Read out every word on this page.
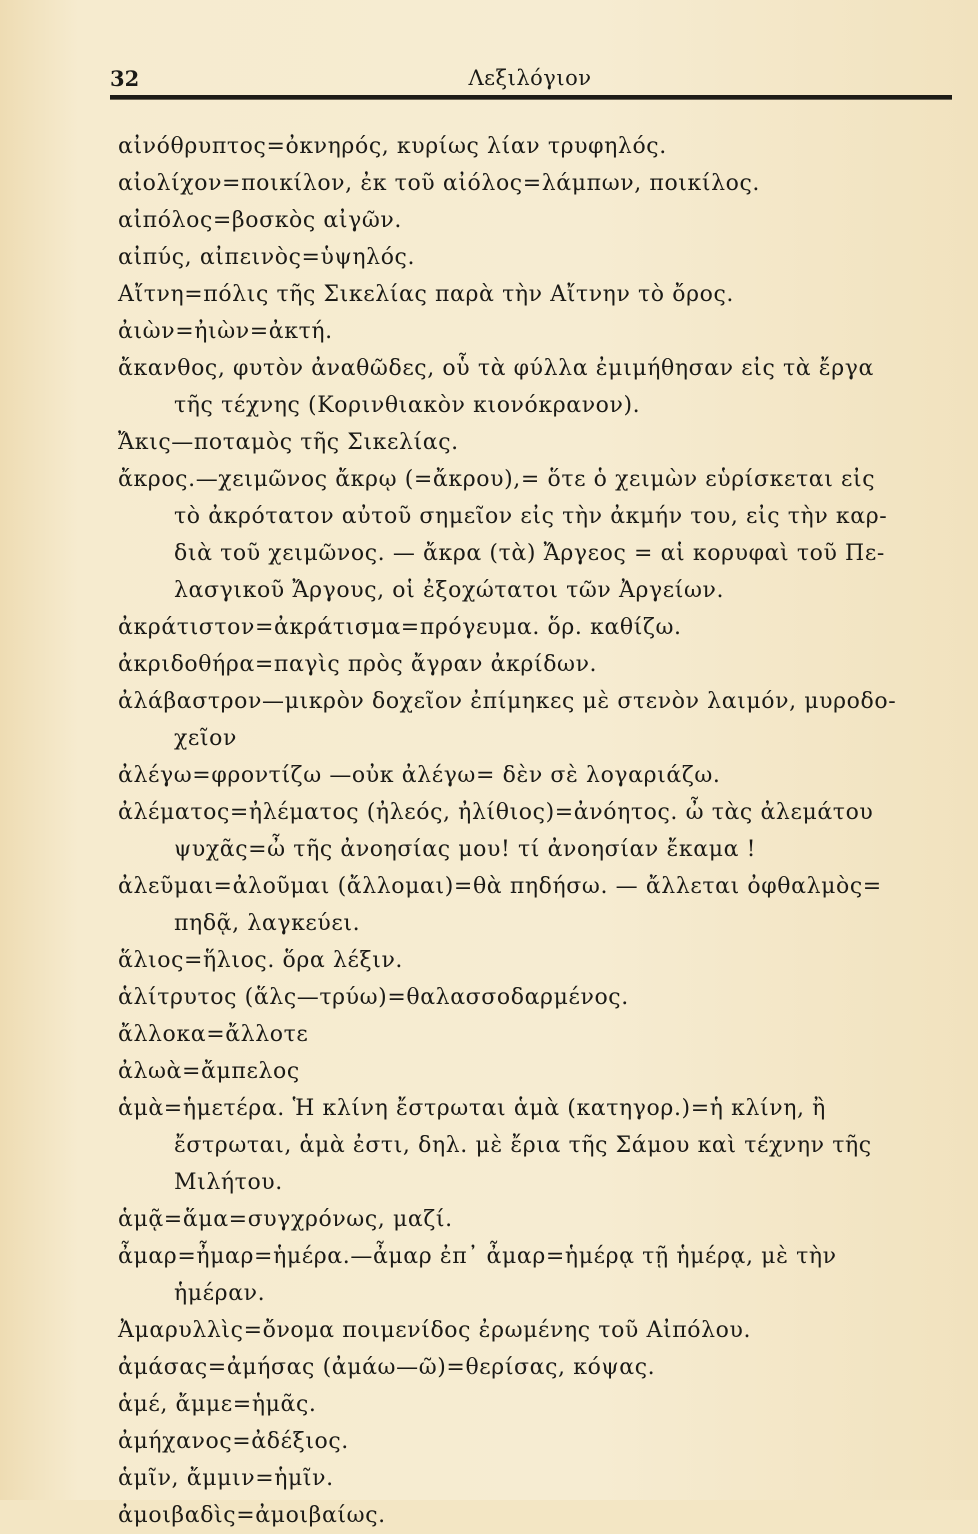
32	Λεξιλόγιον
αἰνόθρυπτος=ὀκνηρός, κυρίως λίαν τρυφηλός.
αἰολίχον=ποικίλον, ἐκ τοῦ αἰόλος=λάμπων, ποικίλος.
αἰπόλος=βοσκὸς αἰγῶν.
αἰπύς, αἰπεινὸς=ὑψηλός.
Αἴτνη=πόλις τῆς Σικελίας παρὰ τὴν Αἴτνην τὸ ὄρος.
ἀιὼν=ἠιὼν=ἀκτή.
ἄκανθος, φυτὸν ἀναθῶδες, οὗ τὰ φύλλα ἐμιμήθησαν εἰς τὰ ἔργα
τῆς τέχνης (Κορινθιακὸν κιονόκρανον).
Ἄκις—ποταμὸς τῆς Σικελίας.
ἄκρος.—χειμῶνος ἄκρῳ (=ἄκρου),= ὅτε ὁ χειμὼν εὑρίσκεται εἰς
τὸ ἀκρότατον αὐτοῦ σημεῖον εἰς τὴν ἀκμήν του, εἰς τὴν καρ-
διὰ τοῦ χειμῶνος. — ἄκρα (τὰ) Ἄργεος = αἱ κορυφαὶ τοῦ Πε-
λασγικοῦ Ἄργους, οἱ ἐξοχώτατοι τῶν Ἀργείων.
ἀκράτιστον=ἀκράτισμα=πρόγευμα. ὅρ. καθίζω.
ἀκριδοθήρα=παγὶς πρὸς ἄγραν ἀκρίδων.
ἀλάβαστρον—μικρὸν δοχεῖον ἐπίμηκες μὲ στενὸν λαιμόν, μυροδο-
χεῖον
ἀλέγω=φροντίζω —οὐκ ἀλέγω= δὲν σὲ λογαριάζω.
ἀλέματος=ἠλέματος (ἠλεός, ἠλίθιος)=ἀνόητος. ὦ τὰς ἀλεμάτου
ψυχᾶς=ὦ τῆς ἀνοησίας μου! τί ἀνοησίαν ἔκαμα !
ἀλεῦμαι=ἀλοῦμαι (ἄλλομαι)=θὰ πηδήσω. — ἄλλεται ὀφθαλμὸς=
πηδᾷ, λαγκεύει.
ἅλιος=ἥλιος. ὅρα λέξιν.
ἁλίτρυτος (ἅλς—τρύω)=θαλασσοδαρμένος.
ἄλλοκα=ἄλλοτε
ἀλωὰ=ἄμπελος
ἁμὰ=ἡμετέρα. Ἡ κλίνη ἔστρωται ἁμὰ (κατηγορ.)=ἡ κλίνη, ἢ
ἔστρωται, ἁμὰ ἐστι, δηλ. μὲ ἔρια τῆς Σάμου καὶ τέχνην τῆς
Μιλήτου.
ἁμᾷ=ἅμα=συγχρόνως, μαζί.
ἆμαρ=ἦμαρ=ἡμέρα.—ἆμαρ ἐπ᾽ ἆμαρ=ἡμέρᾳ τῇ ἡμέρᾳ, μὲ τὴν
ἡμέραν.
Ἀμαρυλλὶς=ὄνομα ποιμενίδος ἐρωμένης τοῦ Αἰπόλου.
ἀμάσας=ἀμήσας (ἀμάω—ῶ)=θερίσας, κόψας.
ἁμέ, ἄμμε=ἡμᾶς.
ἀμήχανος=ἀδέξιος.
ἁμῖν, ἄμμιν=ἡμῖν.
ἀμοιβαδὶς=ἀμοιβαίως.
